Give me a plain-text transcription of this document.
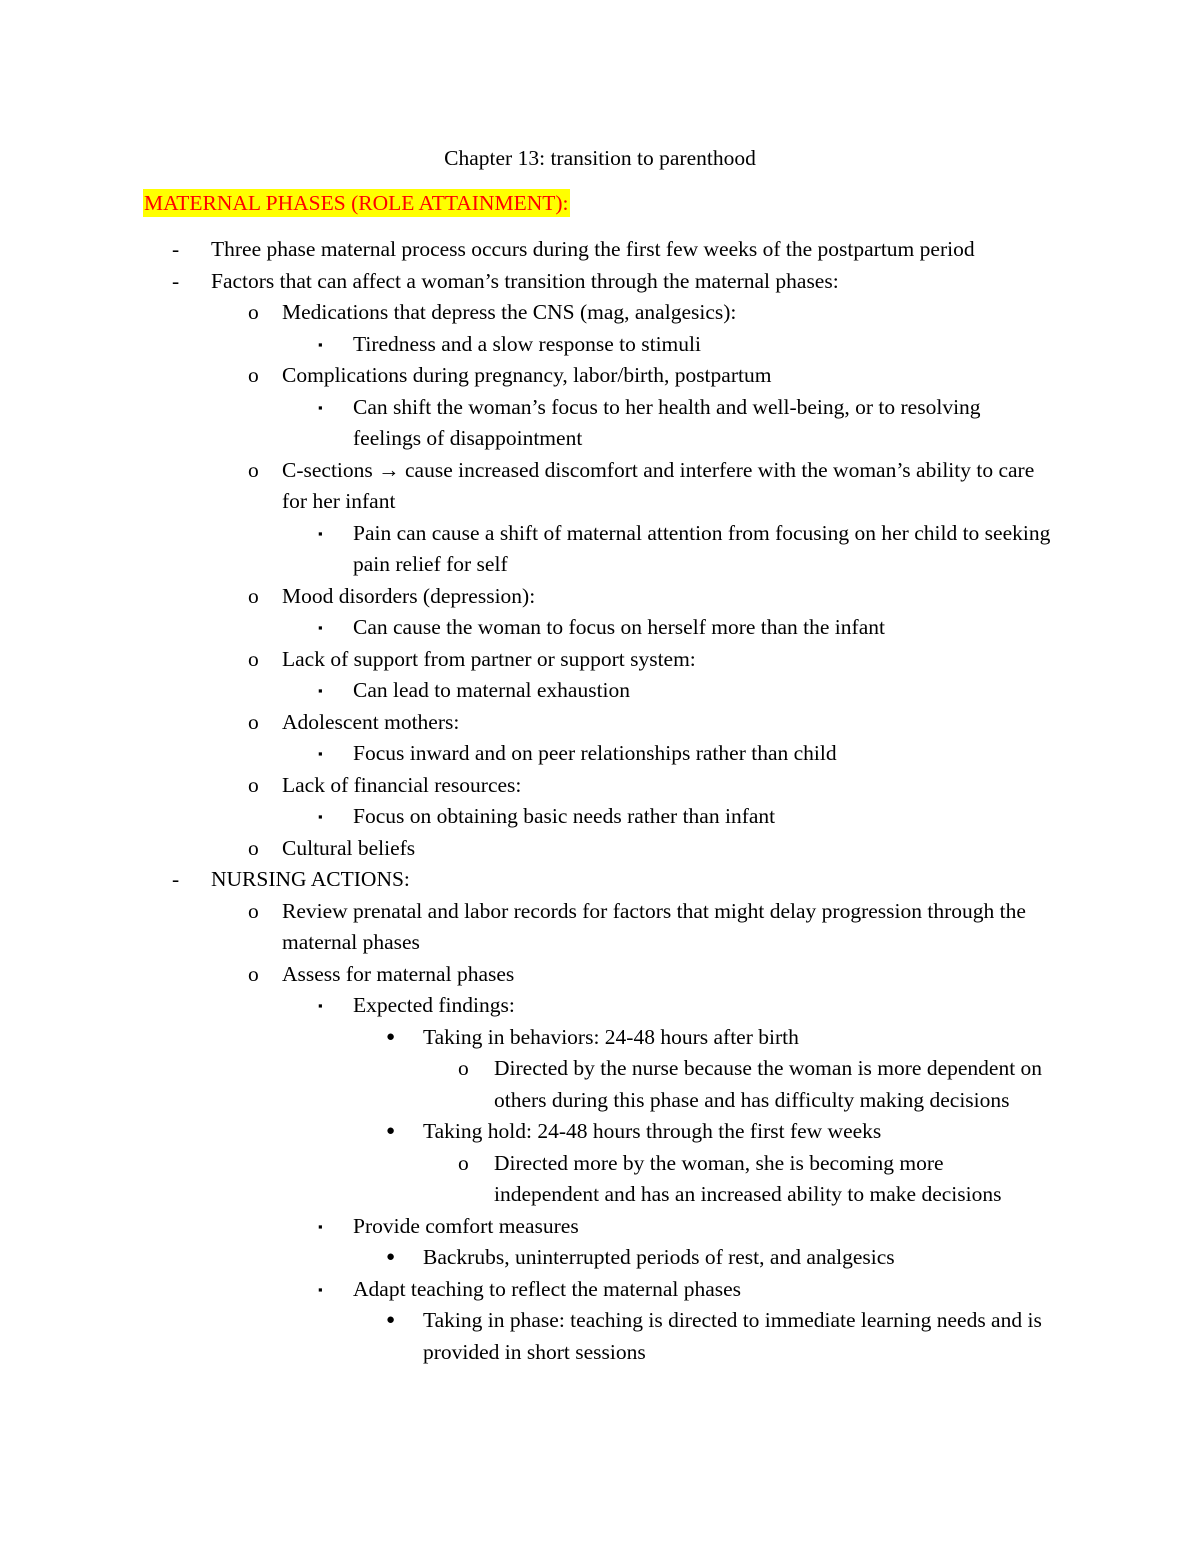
Chapter 13: transition to parenthood
MATERNAL PHASES (ROLE ATTAINMENT):
- Three phase maternal process occurs during the first few weeks of the postpartum period
- Factors that can affect a woman’s transition through the maternal phases:
o Medications that depress the CNS (mag, analgesics):
▪ Tiredness and a slow response to stimuli
o Complications during pregnancy, labor/birth, postpartum
▪ Can shift the woman’s focus to her health and well-being, or to resolving feelings of disappointment
o C-sections → cause increased discomfort and interfere with the woman’s ability to care for her infant
▪ Pain can cause a shift of maternal attention from focusing on her child to seeking pain relief for self
o Mood disorders (depression):
▪ Can cause the woman to focus on herself more than the infant
o Lack of support from partner or support system:
▪ Can lead to maternal exhaustion
o Adolescent mothers:
▪ Focus inward and on peer relationships rather than child
o Lack of financial resources:
▪ Focus on obtaining basic needs rather than infant
o Cultural beliefs
- NURSING ACTIONS:
o Review prenatal and labor records for factors that might delay progression through the maternal phases
o Assess for maternal phases
▪ Expected findings:
● Taking in behaviors: 24-48 hours after birth
o Directed by the nurse because the woman is more dependent on others during this phase and has difficulty making decisions
● Taking hold: 24-48 hours through the first few weeks
o Directed more by the woman, she is becoming more independent and has an increased ability to make decisions
▪ Provide comfort measures
● Backrubs, uninterrupted periods of rest, and analgesics
▪ Adapt teaching to reflect the maternal phases
● Taking in phase: teaching is directed to immediate learning needs and is provided in short sessions
